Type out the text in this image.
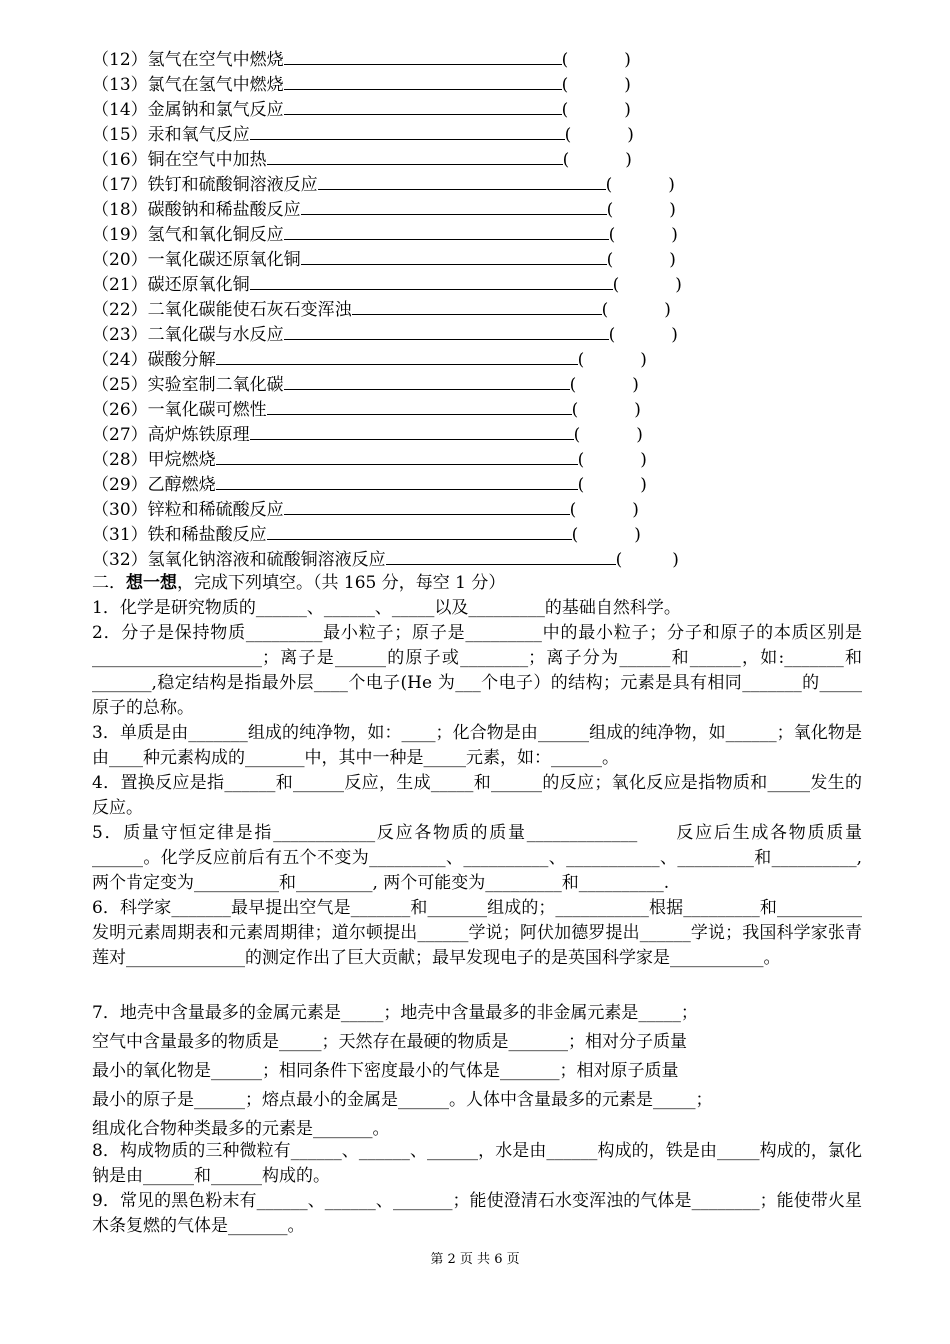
（12）氢气在空气中燃烧	(	)
（13）氯气在氢气中燃烧	(	)
（14）金属钠和氯气反应	(	)
（15）汞和氧气反应	(	)
（16）铜在空气中加热	(	)
（17）铁钉和硫酸铜溶液反应	(	)
（18）碳酸钠和稀盐酸反应	(	)
（19）氢气和氧化铜反应	(	)
（20）一氧化碳还原氧化铜	(	)
（21）碳还原氧化铜	(	)
（22）二氧化碳能使石灰石变浑浊	(	)
（23）二氧化碳与水反应	(	)
（24）碳酸分解	(	)
（25）实验室制二氧化碳	(	)
（26）一氧化碳可燃性	(	)
（27）高炉炼铁原理	(	)
（28）甲烷燃烧	(	)
（29）乙醇燃烧	(	)
（30）锌粒和稀硫酸反应	(	)
（31）铁和稀盐酸反应	(	)
（32）氢氧化钠溶液和硫酸铜溶液反应	(	)
二．想一想，完成下列填空。（共 165 分，每空 1 分）
1．化学是研究物质的______、______、_____以及_________的基础自然科学。
2．分子是保持物质_________最小粒子；原子是_________中的最小粒子；分子和原子的本质区别是____________________；离子是______的原子或________；离子分为______和______，如:_______和_______,稳定结构是指最外层____个电子(He 为___个电子）的结构；元素是具有相同_______的_____原子的总称。
3．单质是由_______组成的纯净物，如：____；化合物是由______组成的纯净物，如______；氧化物是由____种元素构成的_______中，其中一种是_____元素，如：______。
4．置换反应是指______和______反应，生成_____和______的反应；氧化反应是指物质和_____发生的反应。
5．质量守恒定律是指____________反应各物质的质量_____________　　反应后生成各物质质量______。化学反应前后有五个不变为_________、__________、___________、_________和__________, 两个肯定变为__________和_________, 两个可能变为_________和__________.
6．科学家_______最早提出空气是_______和_______组成的；___________根据_________和__________发明元素周期表和元素周期律；道尔顿提出______学说；阿伏加德罗提出______学说；我国科学家张青莲对______________的测定作出了巨大贡献；最早发现电子的是英国科学家是___________。
7．地壳中含量最多的金属元素是_____；地壳中含量最多的非金属元素是_____；
空气中含量最多的物质是_____；天然存在最硬的物质是_______；相对分子质量
最小的氧化物是______；相同条件下密度最小的气体是_______；相对原子质量
最小的原子是______；熔点最小的金属是______。人体中含量最多的元素是_____；
组成化合物种类最多的元素是_______。
8．构成物质的三种微粒有______、______、______，水是由______构成的，铁是由_____构成的，氯化钠是由______和______构成的。
9．常见的黑色粉末有______、______、_______；能使澄清石水变浑浊的气体是________；能使带火星木条复燃的气体是_______。
第 2 页 共 6 页
